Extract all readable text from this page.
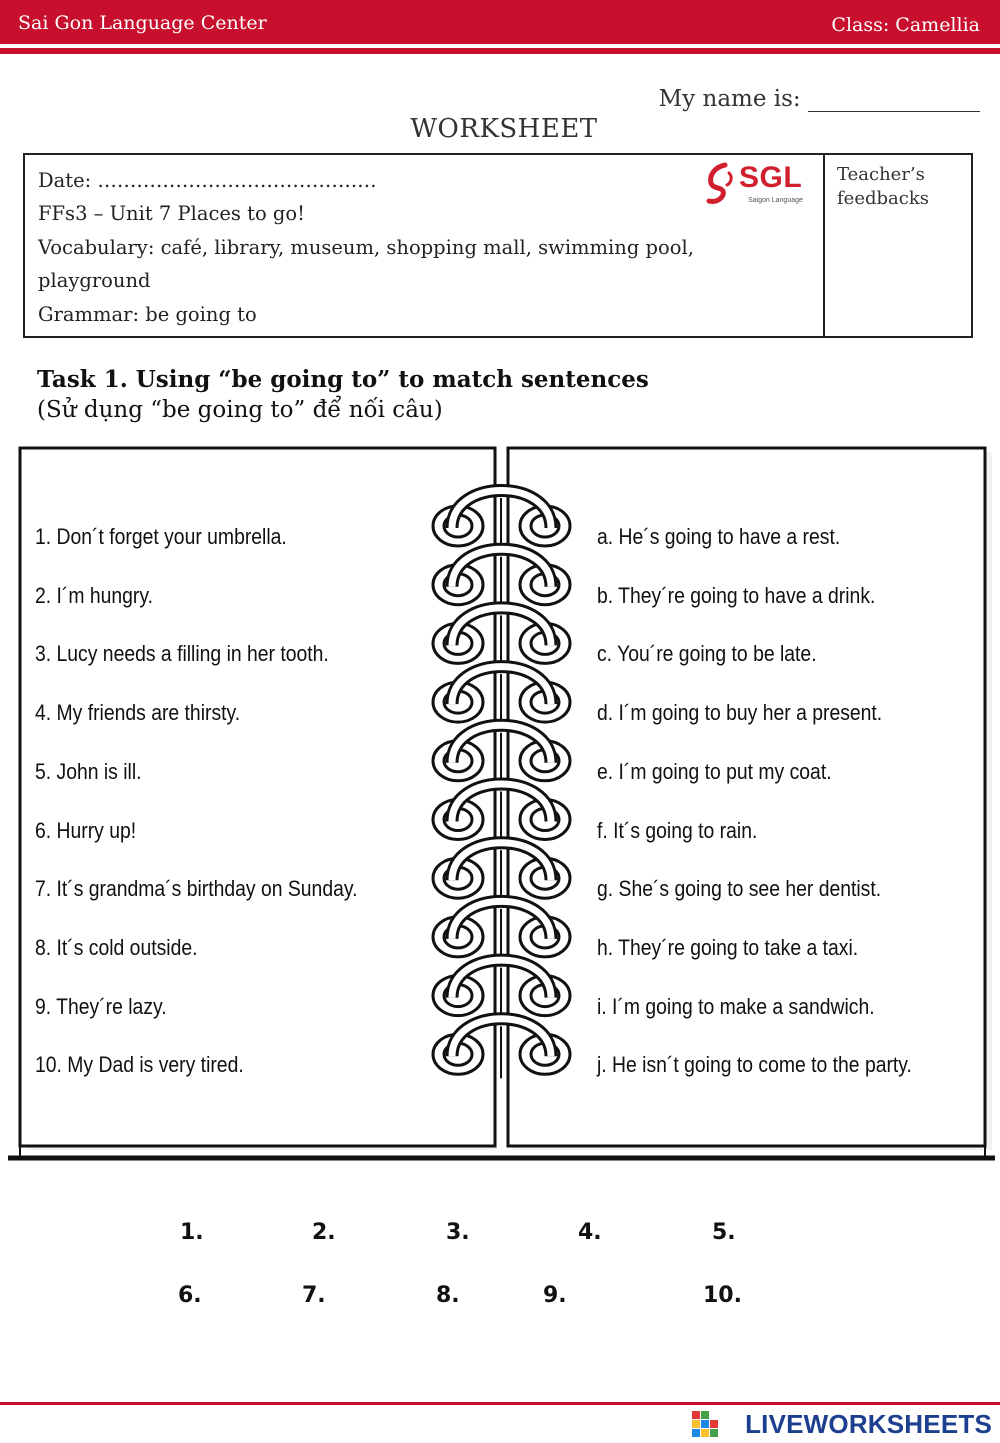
Sai Gon Language Center	Class: Camellia
My name is:
WORKSHEET
Date: ………………………………….…
FFs3 – Unit 7 Places to go!
Vocabulary: café, library, museum, shopping mall, swimming pool,
playground
Grammar: be going to
SGL
Saigon Language
Teacher’s
feedbacks
Task 1. Using “be going to” to match sentences
(Sử dụng “be going to” để nối câu)
1. Don´t forget your umbrella.
2. I´m hungry.
3. Lucy needs a filling in her tooth.
4. My friends are thirsty.
5. John is ill.
6. Hurry up!
7. It´s grandma´s birthday on Sunday.
8. It´s cold outside.
9. They´re lazy.
10. My Dad is very tired.
a. He´s going to have a rest.
b. They´re going to have a drink.
c. You´re going to be late.
d. I´m going to buy her a present.
e. I´m going to put my coat.
f. It´s going to rain.
g. She´s going to see her dentist.
h. They´re going to take a taxi.
i. I´m going to make a sandwich.
j. He isn´t going to come to the party.
1.	2.	3.	4.	5.
6.	7.	8.	9.	10.
LIVEWORKSHEETS
